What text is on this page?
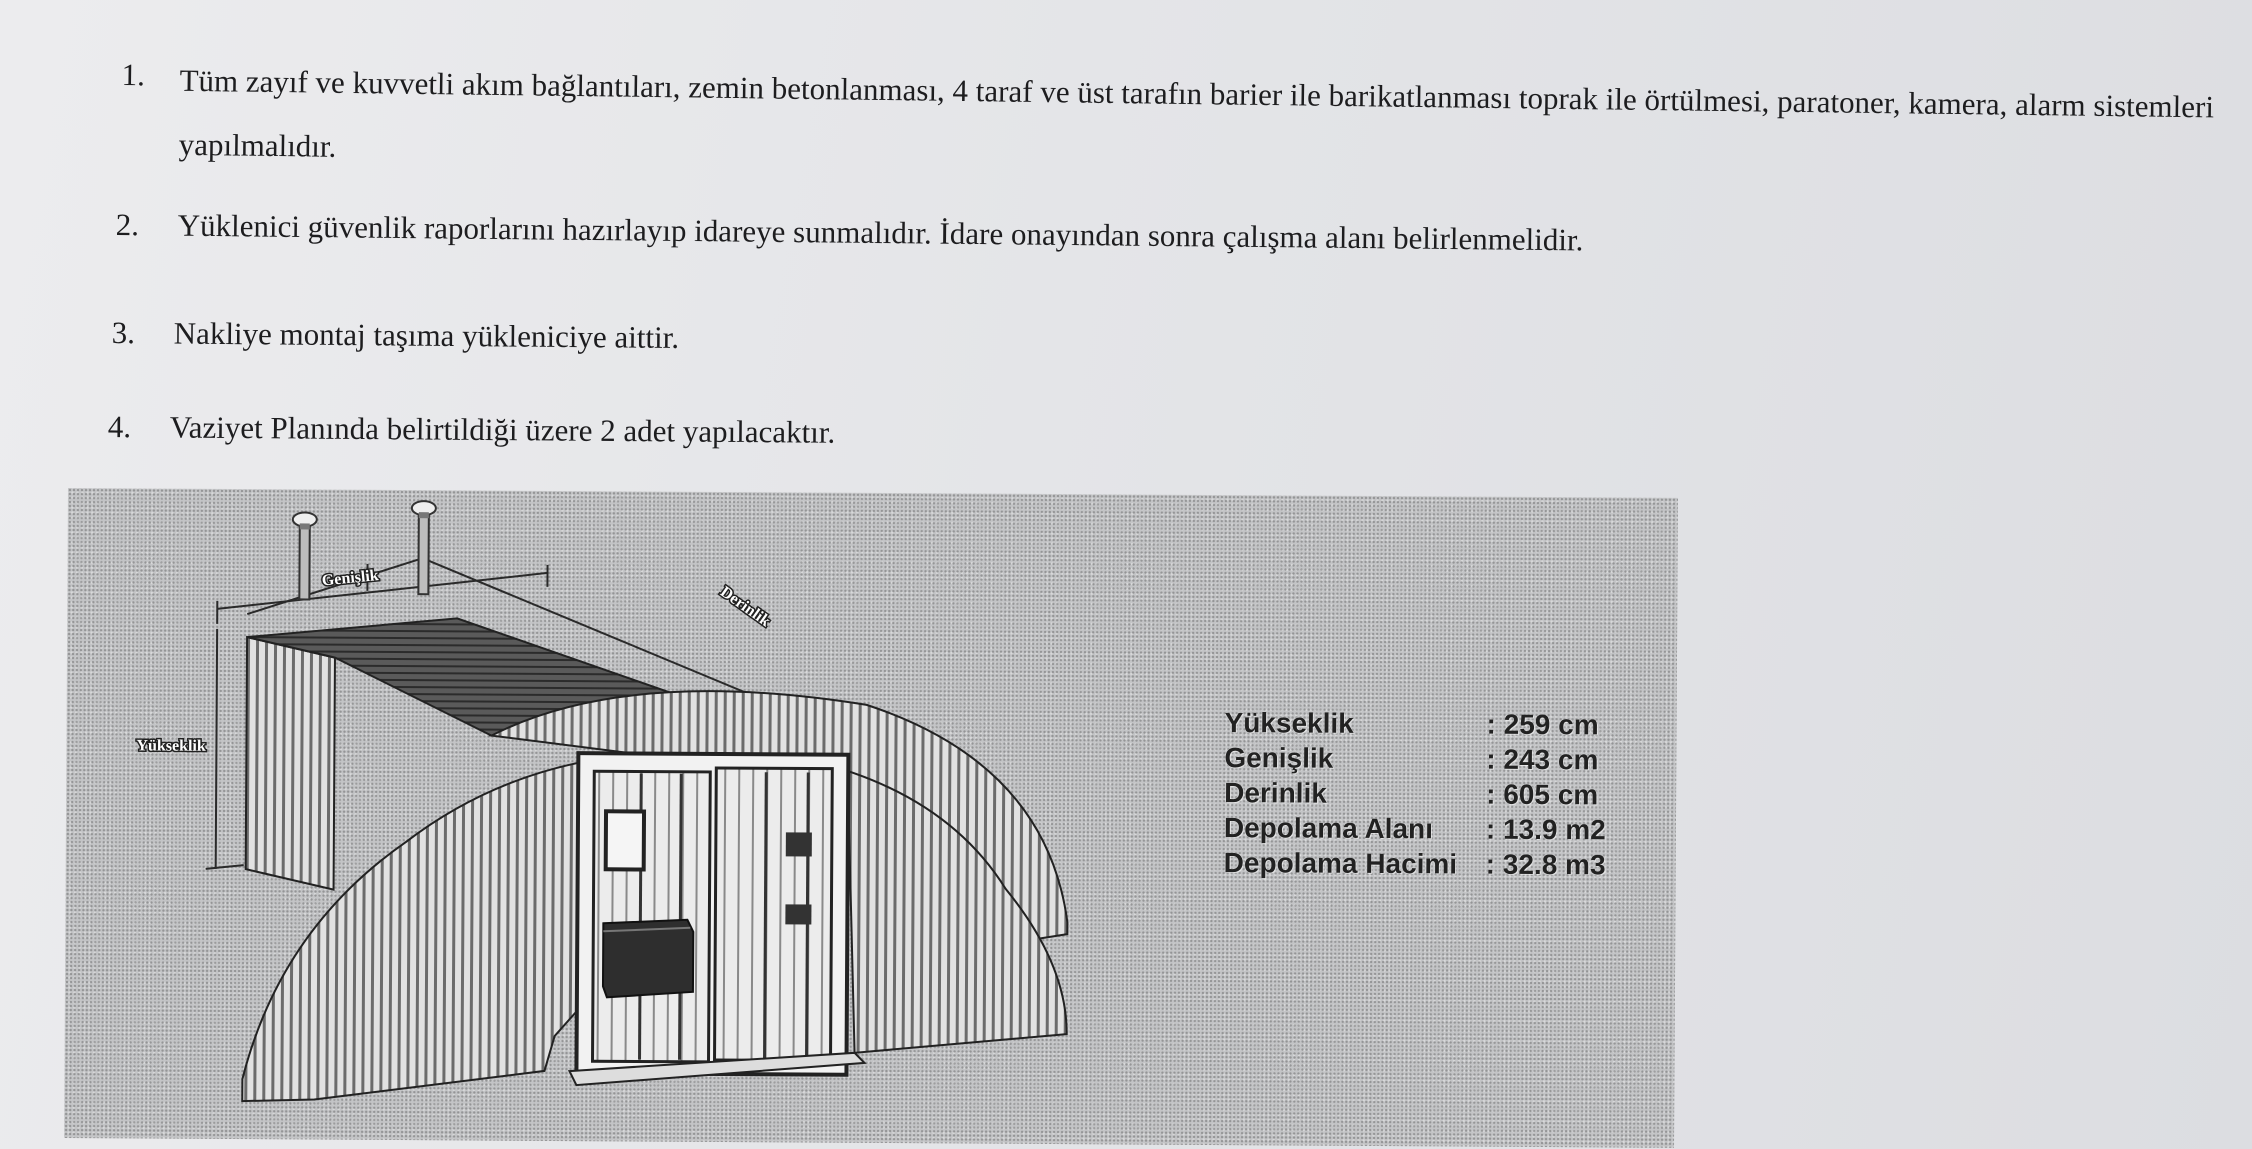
1. Tüm zayıf ve kuvvetli akım bağlantıları, zemin betonlanması, 4 taraf ve üst tarafın barier ile barikatlanması toprak ile örtülmesi, paratoner, kamera, alarm sistemleri yapılmalıdır.
2. Yüklenici güvenlik raporlarını hazırlayıp idareye sunmalıdır. İdare onayından sonra çalışma alanı belirlenmelidir.
3. Nakliye montaj taşıma yükleniciye aittir.
4. Vaziyet Planında belirtildiği üzere 2 adet yapılacaktır.
Genişlik
Derinlik
Yükseklik
Yükseklik	: 259 cm
Genişlik	: 243 cm
Derinlik	: 605 cm
Depolama Alanı : 13.9 m2
Depolama Hacimi : 32.8 m3
